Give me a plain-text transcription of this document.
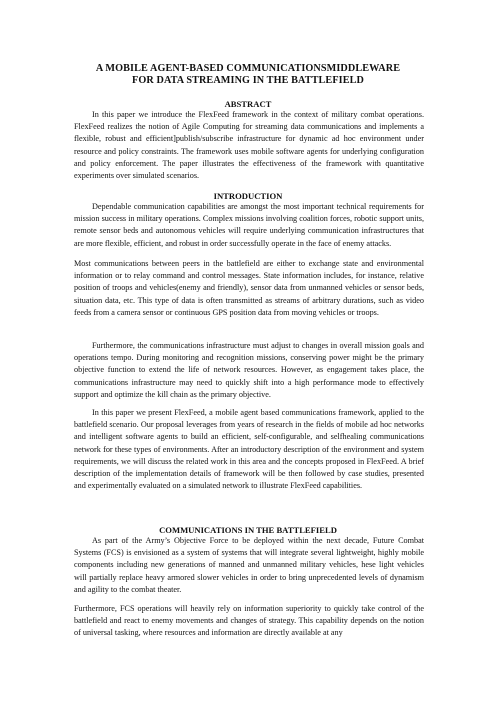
A MOBILE AGENT-BASED COMMUNICATIONSMIDDLEWARE
FOR DATA STREAMING IN THE BATTLEFIELD
ABSTRACT

In this paper we introduce the FlexFeed framework in the context of military combat operations. FlexFeed realizes the notion of Agile Computing for streaming data communications and implements a flexible, robust and efficient]publish/subscribe infrastructure for dynamic ad hoc environment under resource and policy constraints. The framework uses mobile software agents for underlying configuration and policy enforcement. The paper illustrates the effectiveness of the framework with quantitative experiments over simulated scenarios.

INTRODUCTION

Dependable communication capabilities are amongst the most important technical requirements for mission success in military operations. Complex missions involving coalition forces, robotic support units, remote sensor beds and autonomous vehicles will require underlying communication infrastructures that are more flexible, efficient, and robust in order successfully operate in the face of enemy attacks.

Most communications between peers in the battlefield are either to exchange state and environmental information or to relay command and control messages. State information includes, for instance, relative position of troops and vehicles(enemy and friendly), sensor data from unmanned vehicles or sensor beds, situation data, etc. This type of data is often transmitted as streams of arbitrary durations, such as video feeds from a camera sensor or continuous GPS position data from moving vehicles or troops.

Furthermore, the communications infrastructure must adjust to changes in overall mission goals and operations tempo. During monitoring and recognition missions, conserving power might be the primary objective function to extend the life of network resources. However, as engagement takes place, the communications infrastructure may need to quickly shift into a high performance mode to effectively support and optimize the kill chain as the primary objective.

In this paper we present FlexFeed, a mobile agent based communications framework, applied to the battlefield scenario. Our proposal leverages from years of research in the fields of mobile ad hoc networks and intelligent software agents to build an efficient, self-configurable, and selfhealing communications network for these types of environments. After an introductory description of the environment and system requirements, we will discuss the related work in this area and the concepts proposed in FlexFeed. A brief description of the implementation details of framework will be then followed by case studies, presented and experimentally evaluated on a simulated network to illustrate FlexFeed capabilities.

COMMUNICATIONS IN THE BATTLEFIELD

As part of the Army’s Objective Force to be deployed within the next decade, Future Combat Systems (FCS) is envisioned as a system of systems that will integrate several lightweight, highly mobile components including new generations of manned and unmanned military vehicles, hese light vehicles will partially replace heavy armored slower vehicles in order to bring unprecedented levels of dynamism and agility to the combat theater.

Furthermore, FCS operations will heavily rely on information superiority to quickly take control of the battlefield and react to enemy movements and changes of strategy. This capability depends on the notion of universal tasking, where resources and information are directly available at any
